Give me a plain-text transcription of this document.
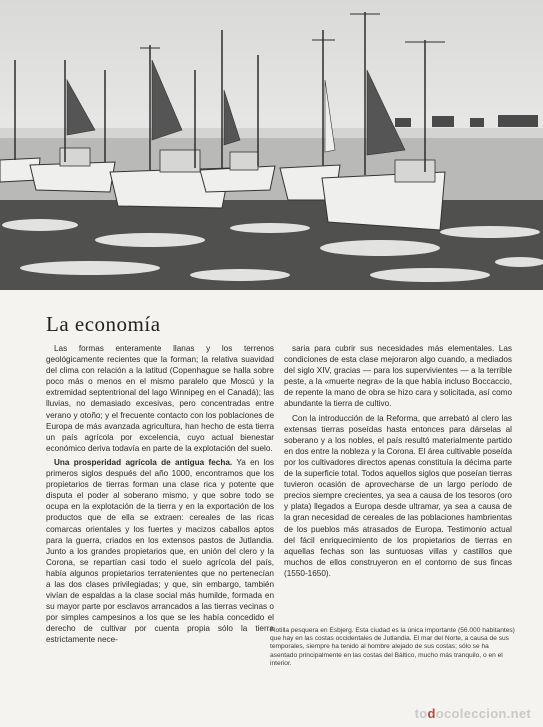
La economía

Las formas enteramente llanas y los terrenos geológicamente recientes que la forman; la relativa suavidad del clima con relación a la latitud (Copenhague se halla sobre poco más o menos en el mismo paralelo que Moscú y la extremidad septentrional del lago Winnipeg en el Canadá); las lluvias, no demasiado excesivas, pero concentradas entre verano y otoño; y el frecuente contacto con los poblaciones de Europa de más avanzada agricultura, han hecho de esta tierra un país agrícola por excelencia, cuyo actual bienestar económico deriva todavía en parte de la explotación del suelo.

Una prosperidad agrícola de antigua fecha. Ya en los primeros siglos después del año 1000, encontramos que los propietarios de tierras forman una clase rica y potente que disputa el poder al soberano mismo, y que sobre todo se ocupa en la explotación de la tierra y en la exportación de los productos que de ella se extraen: cereales de las ricas comarcas orientales y los fuertes y macizos caballos aptos para la guerra, criados en los extensos pastos de Jutlandia. Junto a los grandes propietarios que, en unión del clero y la Corona, se repartían casi todo el suelo agrícola del país, había algunos propietarios terratenientes que no pertenecían a las dos clases privilegiadas; y que, sin embargo, también vivían de espaldas a la clase social más humilde, formada en su mayor parte por esclavos arrancados a las tierras vecinas o por simples campesinos a los que se les había concedido el derecho de cultivar por cuenta propia sólo la tierra estrictamente nece-

saria para cubrir sus necesidades más elementales. Las condiciones de esta clase mejoraron algo cuando, a mediados del siglo XIV, gracias — para los supervivientes — a la terrible peste, a la «muerte negra» de la que había incluso Boccaccio, de repente la mano de obra se hizo cara y solicitada, así como abundante la tierra de cultivo.

Con la introducción de la Reforma, que arrebató al clero las extensas tierras poseídas hasta entonces para dárselas al soberano y a los nobles, el país resultó materialmente partido en dos entre la nobleza y la Corona. El área cultivable poseída por los cultivadores directos apenas constituía la décima parte de la superficie total. Todos aquellos siglos que poseían tierras tuvieron ocasión de aprovecharse de un largo período de precios siempre crecientes, ya sea a causa de los tesoros (oro y plata) llegados a Europa desde ultramar, ya sea a causa de la gran necesidad de cereales de las poblaciones hambrientas de los pueblos más atrasados de Europa. Testimonio actual del fácil enriquecimiento de los propietarios de tierras en aquellas fechas son las suntuosas villas y castillos que muchos de ellos construyeron en el contorno de sus fincas (1550-1650).

Flotilla pesquera en Esbjerg. Esta ciudad es la única importante (56.000 habitantes) que hay en las costas occidentales de Jutlandia. El mar del Norte, a causa de sus temporales, siempre ha tenido al hombre alejado de sus costas; sólo se ha asentado principalmente en las costas del Báltico, mucho más tranquilo, o en el interior.
todocoleccion.net
